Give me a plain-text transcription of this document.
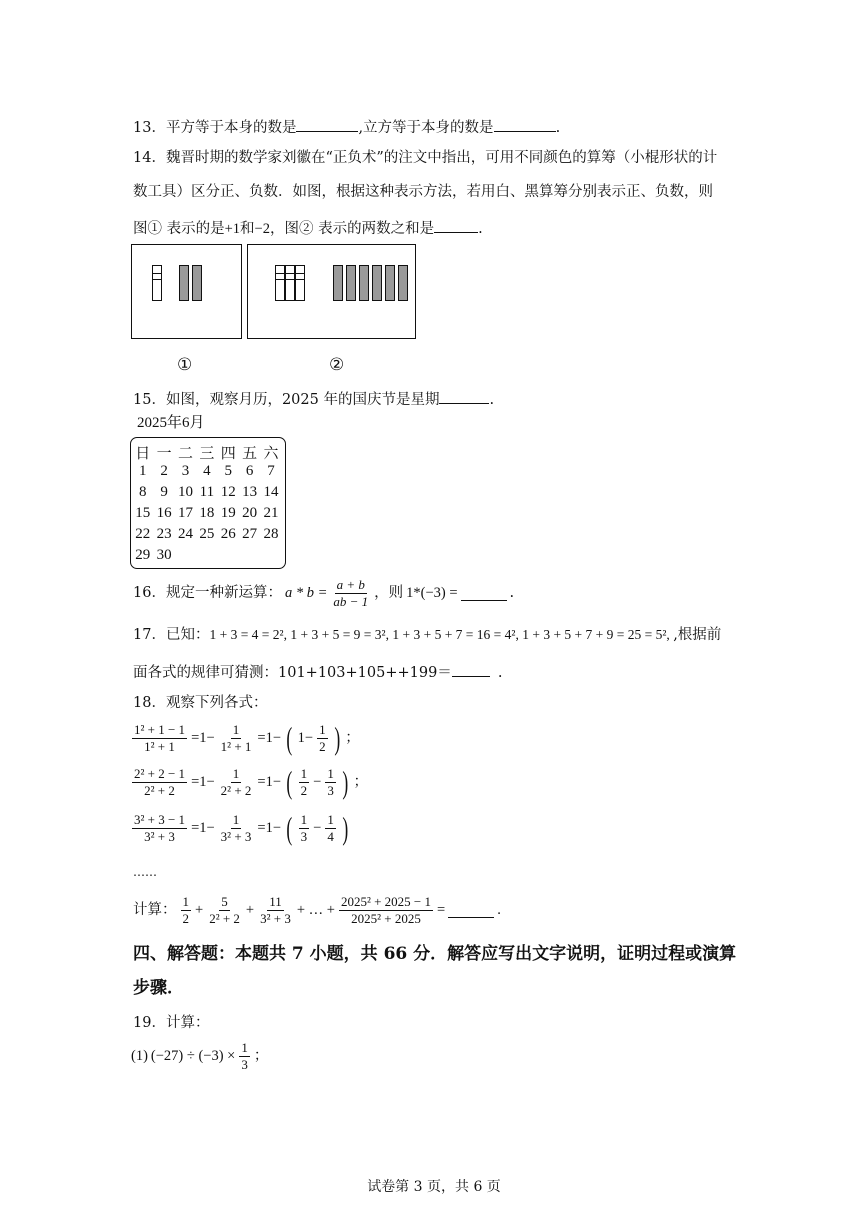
13．平方等于本身的数是	,立方等于本身的数是	.
14．魏晋时期的数学家刘徽在“正负术”的注文中指出，可用不同颜色的算筹（小棍形状的计
数工具）区分正、负数．如图，根据这种表示方法，若用白、黑算筹分别表示正、负数，则
图① 表示的是+1和−2，图② 表示的两数之和是	.
①	②
15．如图，观察月历，2025 年的国庆节是星期	.
2025年6月
日 一 二 三 四 五 六
1 2 3 4 5 6 7
8 9 10 11 12 13 14
15 16 17 18 19 20 21
22 23 24 25 26 27 28
29 30
16．规定一种新运算： $a * b = \frac{a + b}{ab - 1}$ ，则 1*(−3) =	.
17．已知：1 + 3 = 4 = 2², 1 + 3 + 5 = 9 = 3², 1 + 3 + 5 + 7 = 16 = 4², 1 + 3 + 5 + 7 + 9 = 25 = 5², ,根据前
面各式的规律可猜测：101+103+105++199＝	.
18．观察下列各式：
$\frac{\text{1² + 1 − 1}}{\text{1² + 1}} =1- \frac{1}{\text{1² + 1}} =1-$ ( $1- \frac{1}{2}$ ) ；
$\frac{\text{2² + 2 − 1}}{\text{2² + 2}} =1- \frac{1}{\text{2² + 2}} =1-$ ( $\frac{1}{2} - \frac{1}{3}$ ) ；
$\frac{\text{3² + 3 − 1}}{\text{3² + 3}} =1- \frac{1}{\text{3² + 3}} =1-$ ( $\frac{1}{3} - \frac{1}{4}$ )
……
计算： $\frac{1}{2} + \frac{5}{\text{2² + 2}} + \frac{11}{\text{3² + 3}}$ + … + $\frac{\text{2025² + 2025 − 1}}{\text{2025² + 2025}}$ =	.
四、解答题：本题共 7 小题，共 66 分．解答应写出文字说明，证明过程或演算
步骤．
19．计算：
(1) $(-27) \div (-3) \times \frac{1}{3}$ ；
试卷第 3 页，共 6 页
